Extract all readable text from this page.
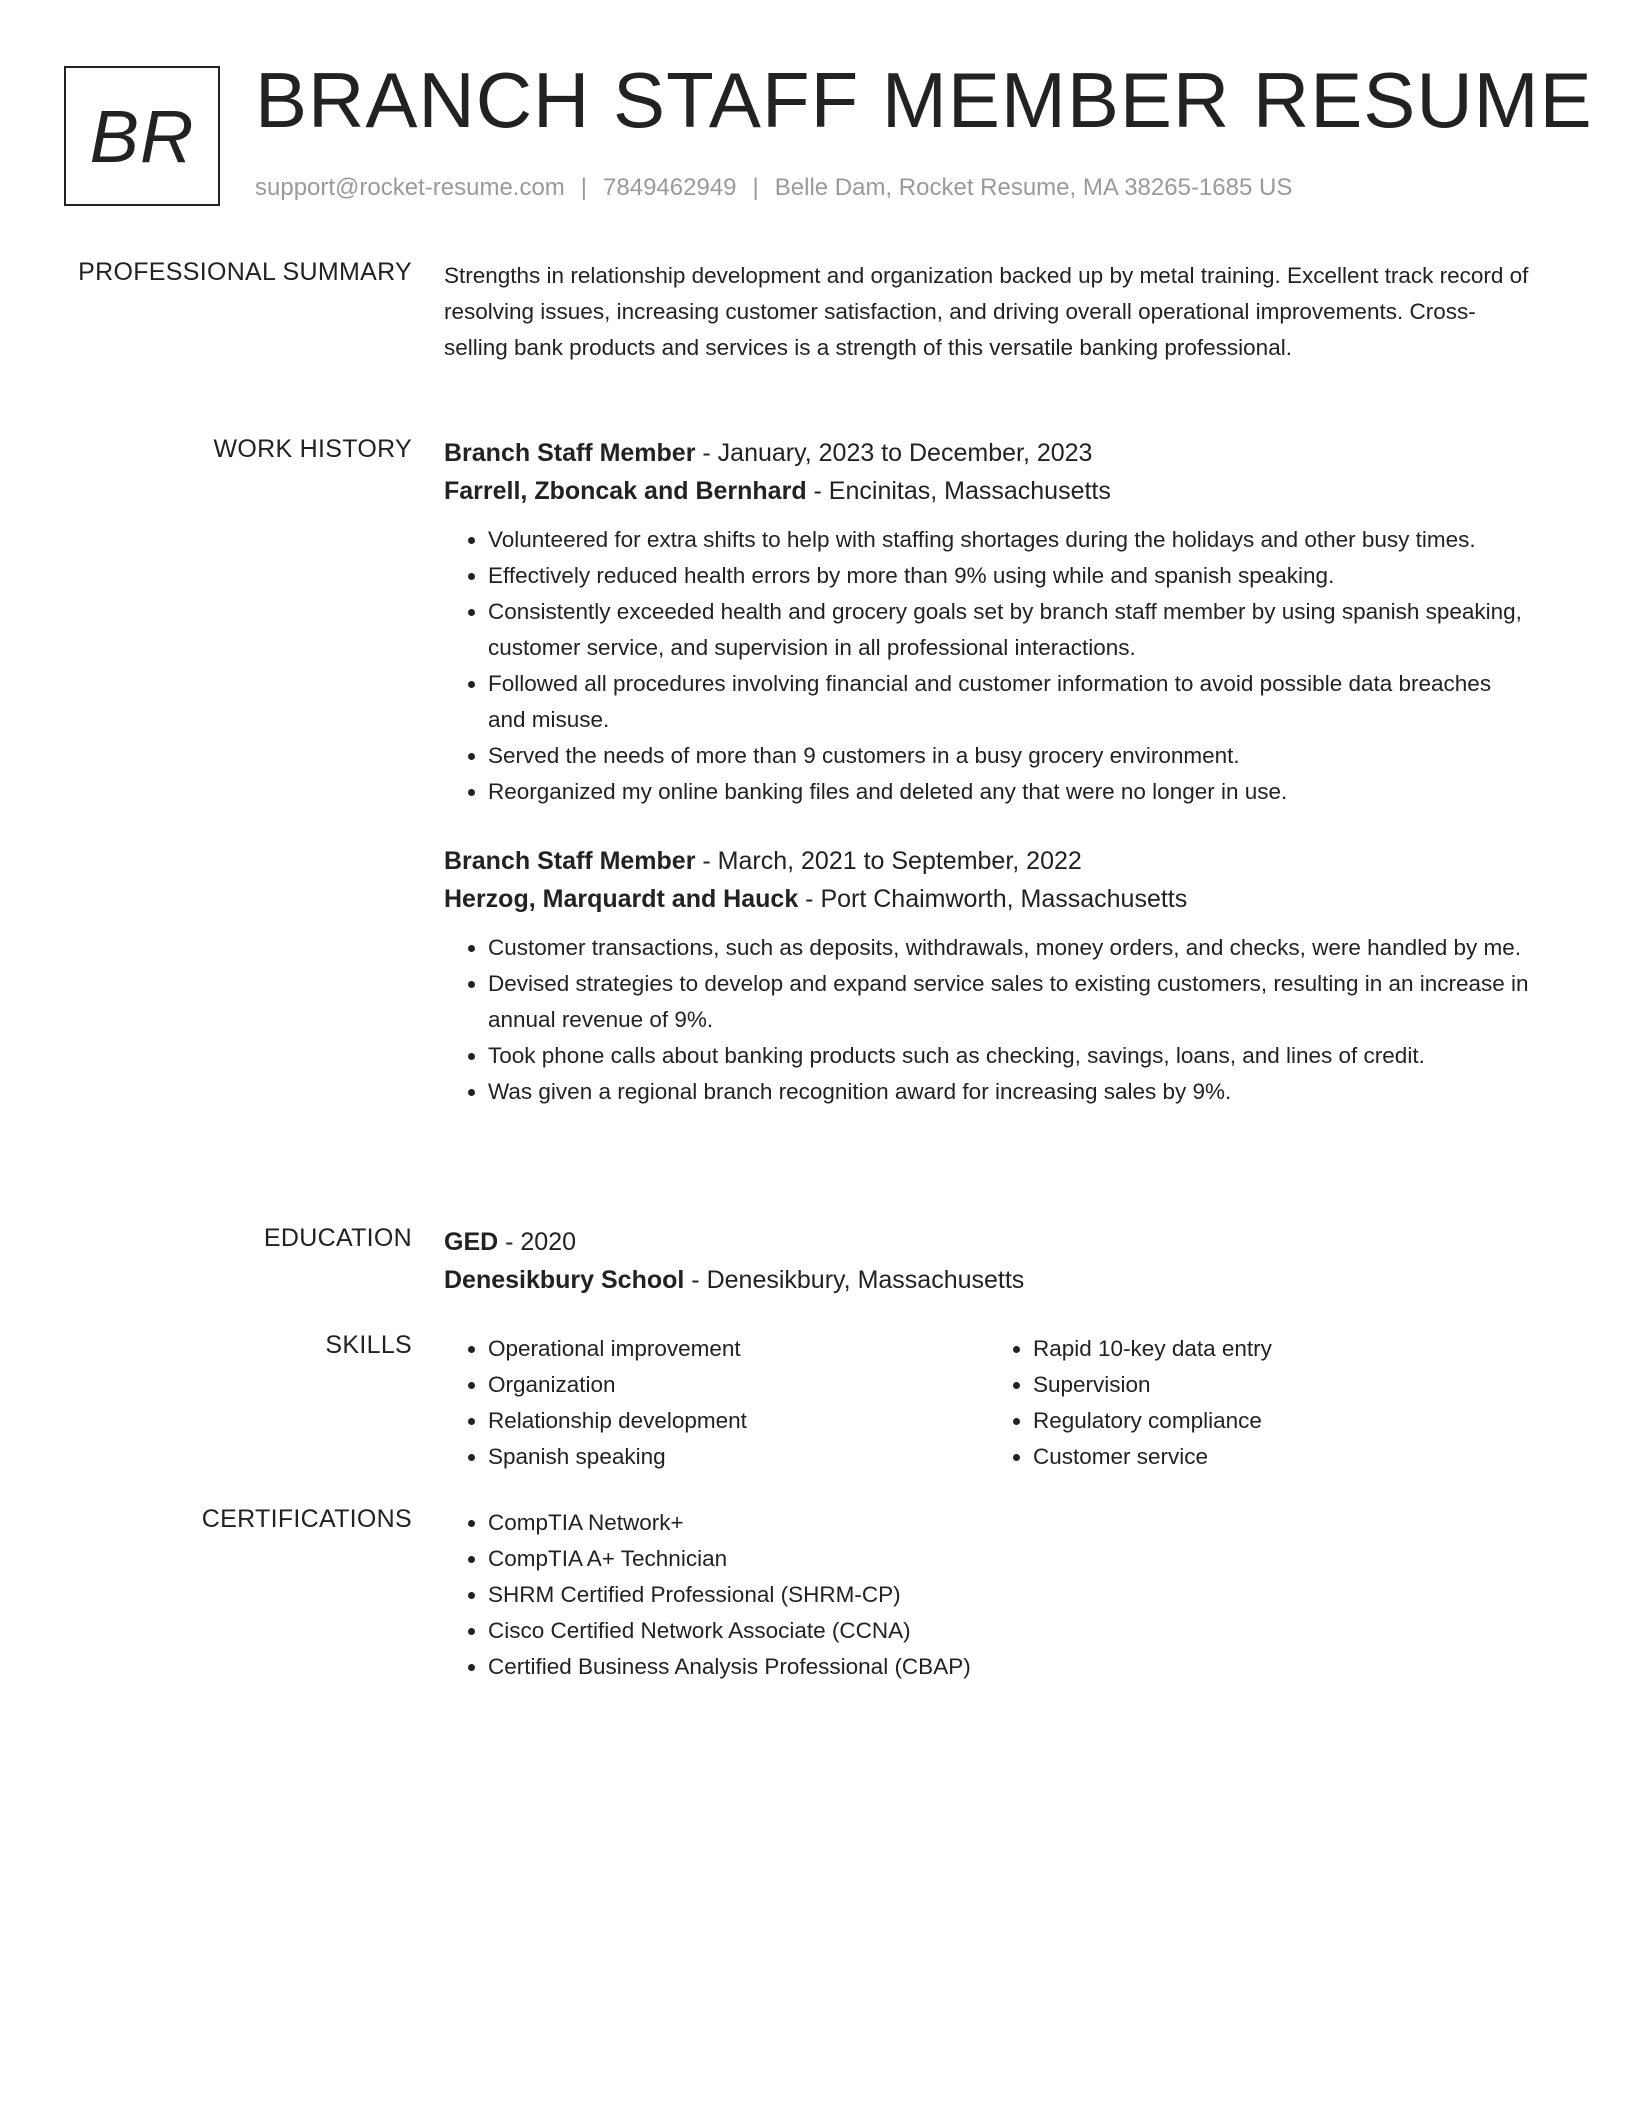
BR BRANCH STAFF MEMBER RESUME
support@rocket-resume.com | 7849462949 | Belle Dam, Rocket Resume, MA 38265-1685 US
PROFESSIONAL SUMMARY Strengths in relationship development and organization backed up by metal training. Excellent track record of resolving issues, increasing customer satisfaction, and driving overall operational improvements. Cross-selling bank products and services is a strength of this versatile banking professional.

WORK HISTORY Branch Staff Member - January, 2023 to December, 2023
Farrell, Zboncak and Bernhard - Encinitas, Massachusetts
• Volunteered for extra shifts to help with staffing shortages during the holidays and other busy times.
• Effectively reduced health errors by more than 9% using while and spanish speaking.
• Consistently exceeded health and grocery goals set by branch staff member by using spanish speaking, customer service, and supervision in all professional interactions.
• Followed all procedures involving financial and customer information to avoid possible data breaches and misuse.
• Served the needs of more than 9 customers in a busy grocery environment.
• Reorganized my online banking files and deleted any that were no longer in use.
Branch Staff Member - March, 2021 to September, 2022
Herzog, Marquardt and Hauck - Port Chaimworth, Massachusetts
• Customer transactions, such as deposits, withdrawals, money orders, and checks, were handled by me.
• Devised strategies to develop and expand service sales to existing customers, resulting in an increase in annual revenue of 9%.
• Took phone calls about banking products such as checking, savings, loans, and lines of credit.
• Was given a regional branch recognition award for increasing sales by 9%.
EDUCATION GED - 2020
Denesikbury School - Denesikbury, Massachusetts
SKILLS	• Operational improvement
• Organization
• Relationship development
• Spanish speaking
• Rapid 10-key data entry
• Supervision
• Regulatory compliance
• Customer service
CERTIFICATIONS	• CompTIA Network+
• CompTIA A+ Technician
• SHRM Certified Professional (SHRM-CP)
• Cisco Certified Network Associate (CCNA)
• Certified Business Analysis Professional (CBAP)
